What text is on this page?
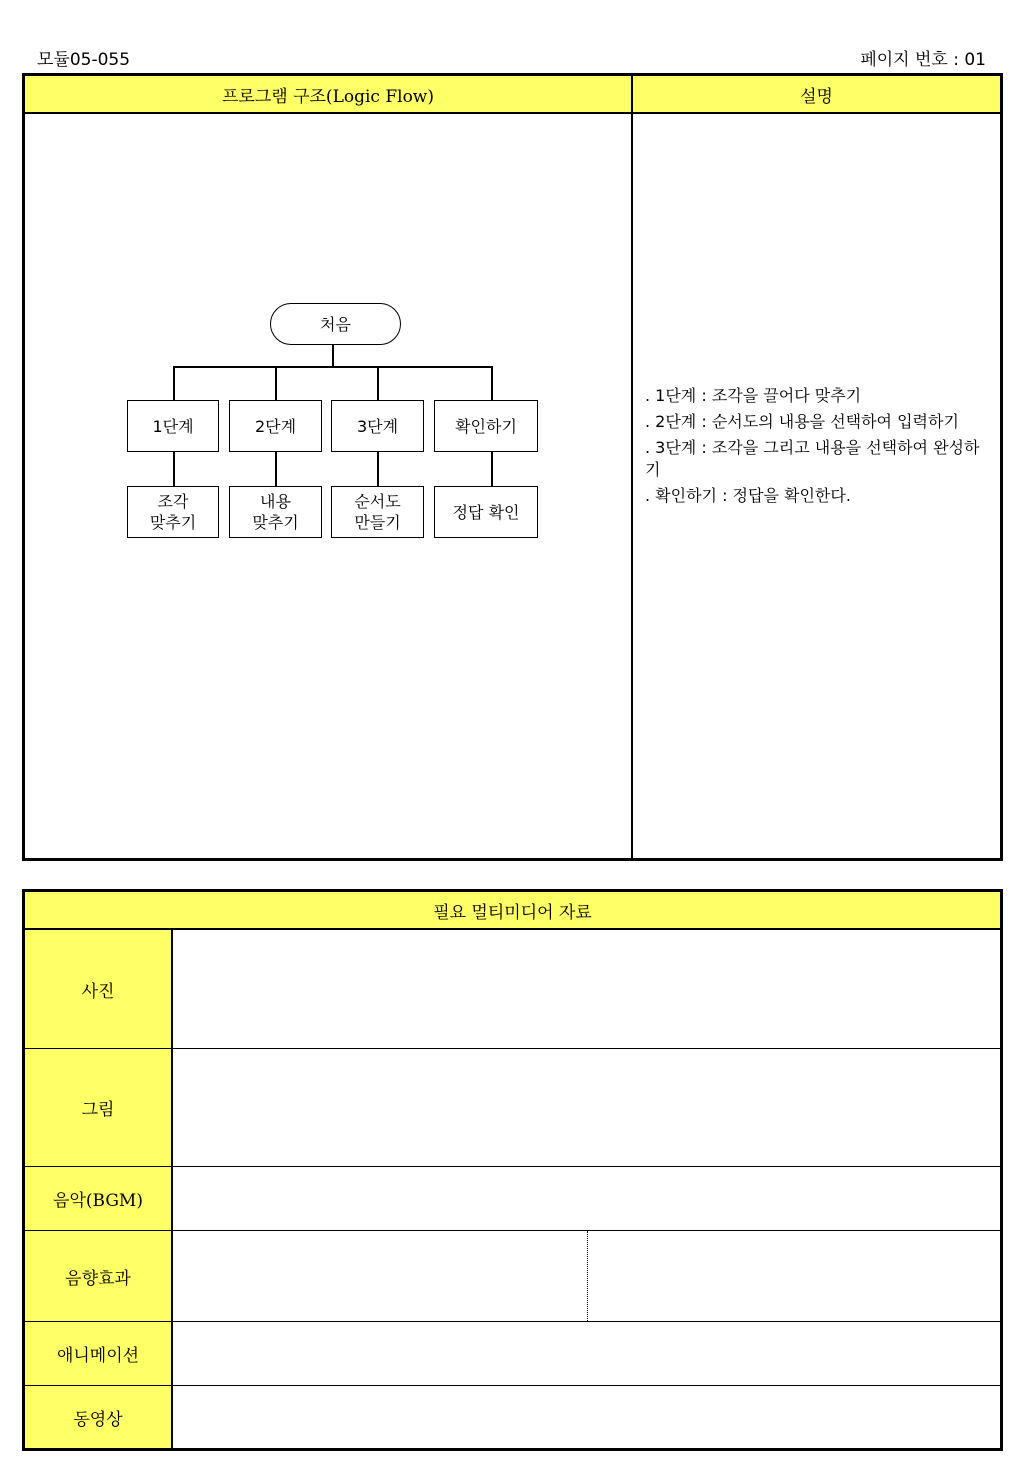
모듈05-055	페이지 번호 : 01
프로그램 구조(Logic Flow)	설명
처음
1단계	2단계	3단계	확인하기
조각
맞추기
내용
맞추기
순서도
만들기
정답 확인

. 1단계 : 조각을 끌어다 맞추기

. 2단계 : 순서도의 내용을 선택하여 입력하기

. 3단계 : 조각을 그리고 내용을 선택하여 완성하기

. 확인하기 : 정답을 확인한다.

필요 멀티미디어 자료
사진
그림
음악(BGM)
음향효과
애니메이션
동영상
